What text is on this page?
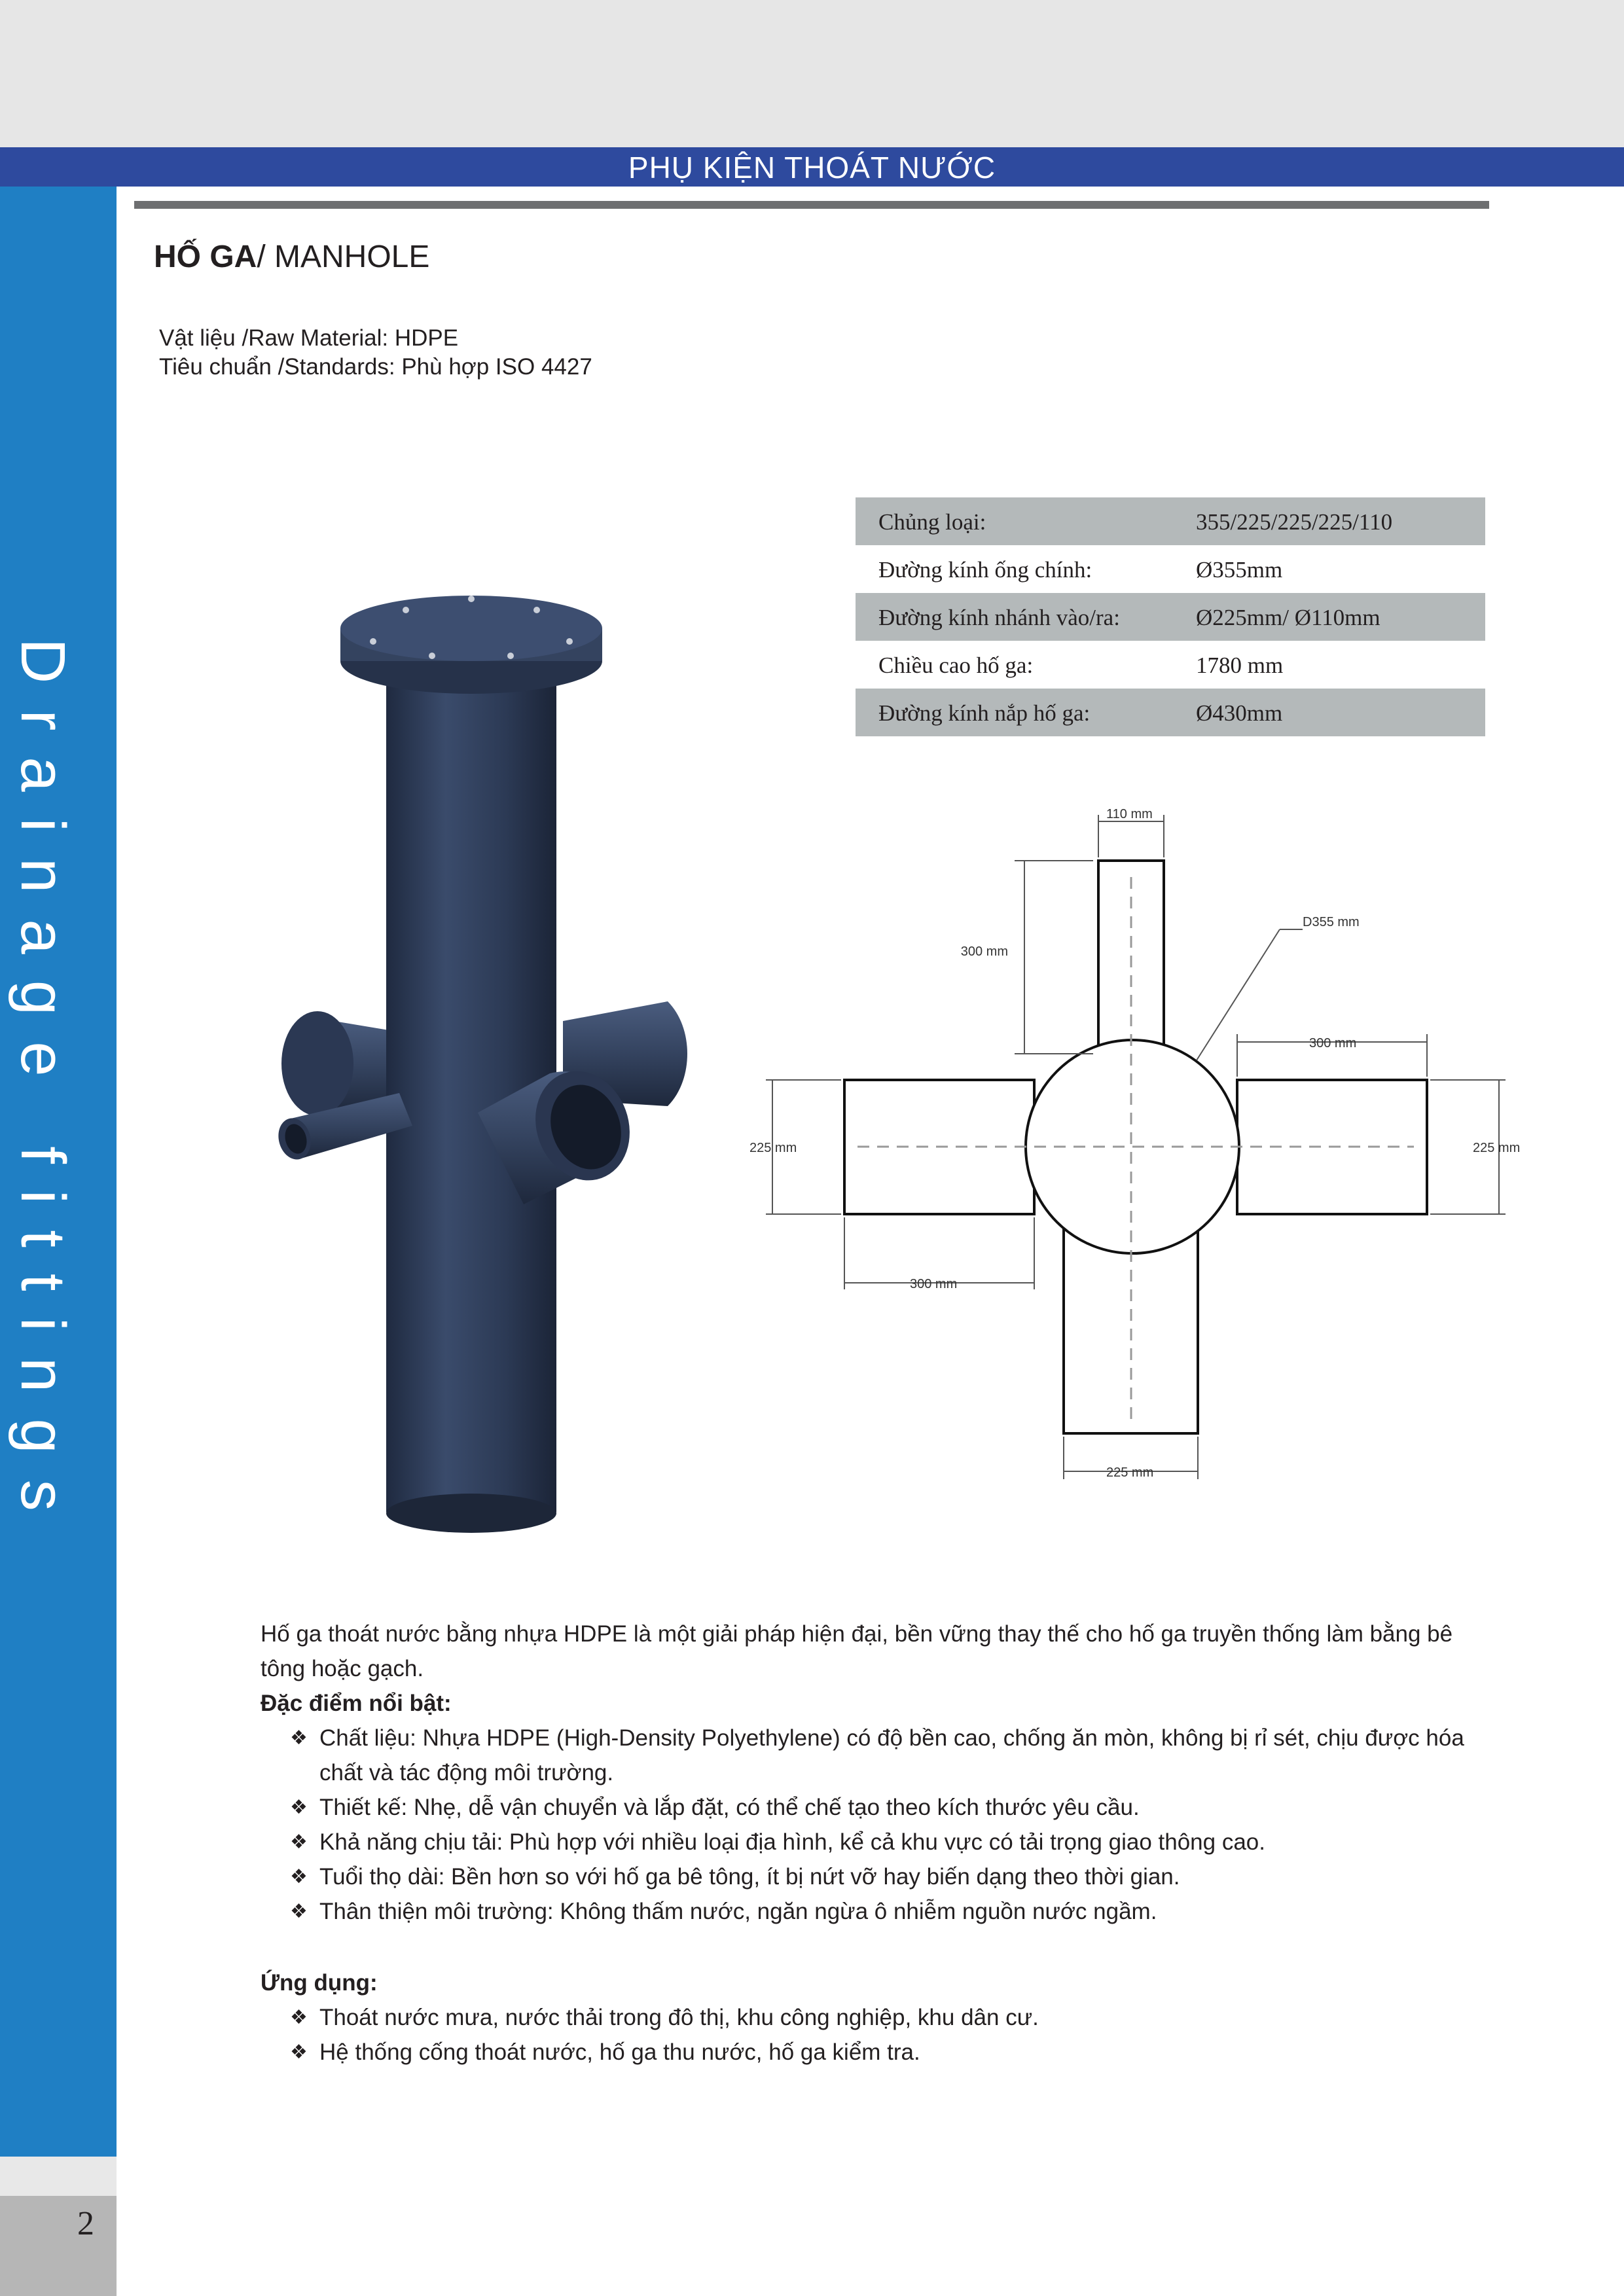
PHỤ KIỆN THOÁT NƯỚC
Drainage fittings
2
HỐ GA/ MANHOLE
Vật liệu /Raw Material: HDPE
Tiêu chuẩn /Standards: Phù hợp ISO 4427
Chủng loại:	355/225/225/225/110
Đường kính ống chính:	Ø355mm
Đường kính nhánh vào/ra:	Ø225mm/ Ø110mm
Chiều cao hố ga:	1780 mm
Đường kính nắp hố ga:	Ø430mm
110 mm
D355 mm
300 mm
300 mm
225 mm	225 mm
300 mm
225 mm

Hố ga thoát nước bằng nhựa HDPE là một giải pháp hiện đại, bền vững thay thế cho hố ga truyền thống làm bằng bê tông hoặc gạch.

Đặc điểm nổi bật:

❖ Chất liệu: Nhựa HDPE (High-Density Polyethylene) có độ bền cao, chống ăn mòn, không bị rỉ sét, chịu được hóa chất và tác động môi trường.
❖ Thiết kế: Nhẹ, dễ vận chuyển và lắp đặt, có thể chế tạo theo kích thước yêu cầu.
❖ Khả năng chịu tải: Phù hợp với nhiều loại địa hình, kể cả khu vực có tải trọng giao thông cao.
❖ Tuổi thọ dài: Bền hơn so với hố ga bê tông, ít bị nứt vỡ hay biến dạng theo thời gian.
❖ Thân thiện môi trường: Không thấm nước, ngăn ngừa ô nhiễm nguồn nước ngầm.

Ứng dụng:

❖ Thoát nước mưa, nước thải trong đô thị, khu công nghiệp, khu dân cư.
❖ Hệ thống cống thoát nước, hố ga thu nước, hố ga kiểm tra.
